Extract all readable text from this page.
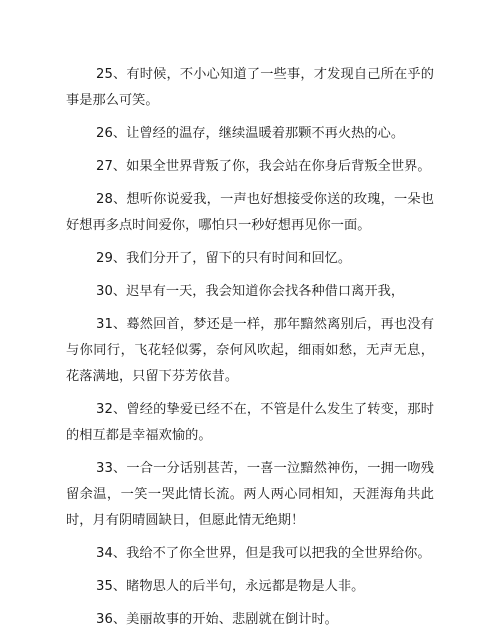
25、有时候，不小心知道了一些事，才发现自己所在乎的事是那么可笑。

26、让曾经的温存，继续温暖着那颗不再火热的心。

27、如果全世界背叛了你，我会站在你身后背叛全世界。

28、想听你说爱我，一声也好想接受你送的玫瑰，一朵也好想再多点时间爱你，哪怕只一秒好想再见你一面。

29、我们分开了，留下的只有时间和回忆。

30、迟早有一天，我会知道你会找各种借口离开我，

31、蓦然回首，梦还是一样，那年黯然离别后，再也没有与你同行，飞花轻似雾，奈何风吹起，细雨如愁，无声无息，花落满地，只留下芬芳依昔。

32、曾经的挚爱已经不在，不管是什么发生了转变，那时的相互都是幸福欢愉的。

33、一合一分话别甚苦，一喜一泣黯然神伤，一拥一吻残留余温，一笑一哭此情长流。两人两心同相知，天涯海角共此时，月有阴晴圆缺日，但愿此情无绝期！

34、我给不了你全世界，但是我可以把我的全世界给你。

35、睹物思人的后半句，永远都是物是人非。

36、美丽故事的开始、悲剧就在倒计时。
